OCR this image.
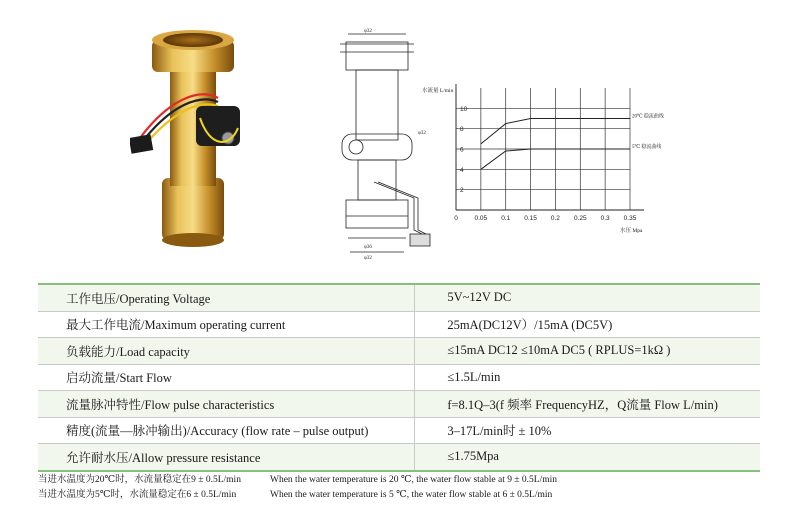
φ32
φ36
φ32
φ32
0	0.05 0.1 0.15 0.2 0.25 0.3 0.35
2
4
6
8
10
水流量 L/min
水压 Mpa
20℃ 稳流曲线
5℃ 稳流曲线
工作电压/Operating Voltage	5V~12V DC
最大工作电流/Maximum operating current	25mA(DC12V）/15mA (DC5V)
负载能力/Load capacity	≤15mA DC12 ≤10mA DC5 ( RPLUS=1kΩ )
启动流量/Start Flow	≤1.5L/min
流量脉冲特性/Flow pulse characteristics	f=8.1Q–3(f 频率 FrequencyHZ，Q流量 Flow L/min)
精度(流量—脉冲输出)/Accuracy (flow rate – pulse output)	3–17L/min时 ± 10%
允许耐水压/Allow pressure resistance	≤1.75Mpa
当进水温度为20℃时，水流量稳定在9 ± 0.5L/min	When the water temperature is 20 ℃, the water flow stable at 9 ± 0.5L/min
当进水温度为5℃时，水流量稳定在6 ± 0.5L/min	When the water temperature is 5 ℃, the water flow stable at 6 ± 0.5L/min
